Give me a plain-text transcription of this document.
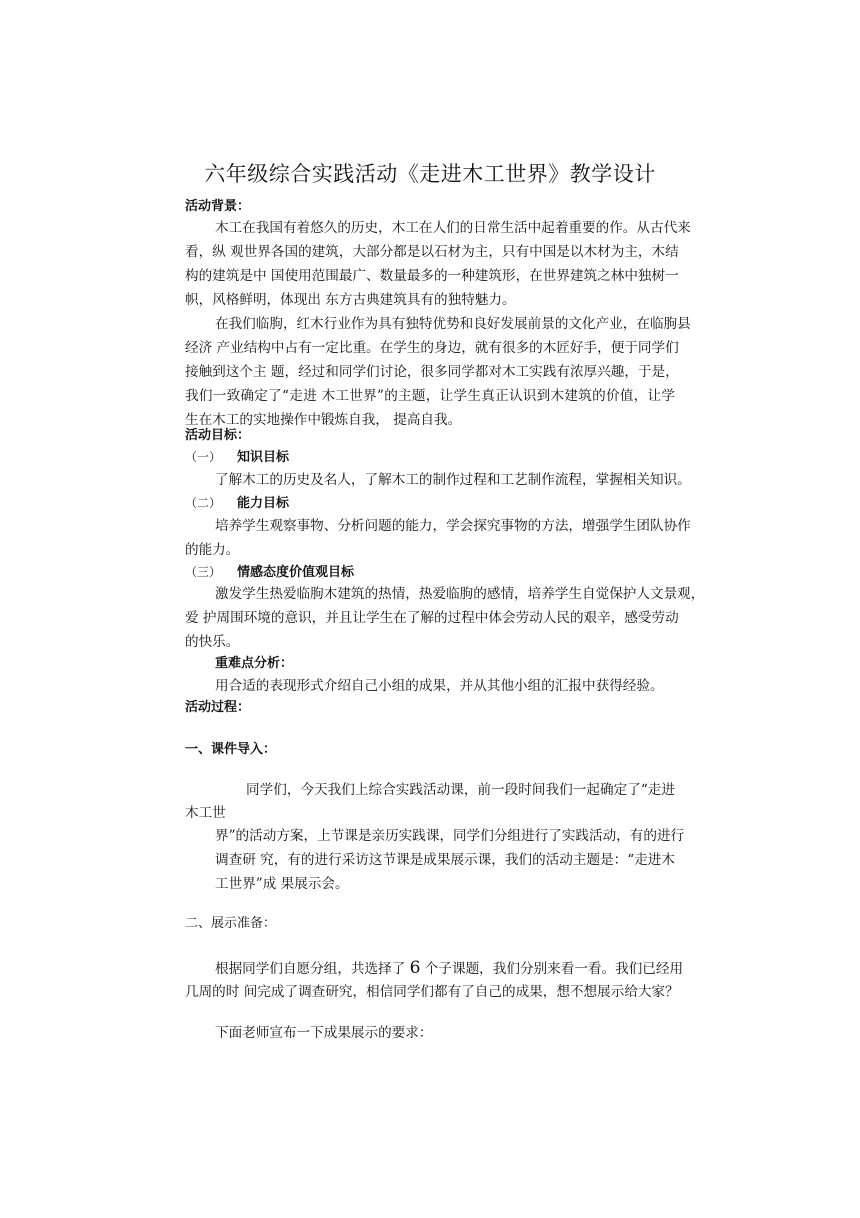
六年级综合实践活动《走进木工世界》教学设计

活动背景：

木工在我国有着悠久的历史，木工在人们的日常生活中起着重要的作。从古代来

看，纵 观世界各国的建筑，大部分都是以石材为主，只有中国是以木材为主，木结

构的建筑是中 国使用范围最广、数量最多的一种建筑形，在世界建筑之林中独树一

帜，风格鲜明，体现出 东方古典建筑具有的独特魅力。

在我们临朐，红木行业作为具有独特优势和良好发展前景的文化产业，在临朐县

经济 产业结构中占有一定比重。在学生的身边，就有很多的木匠好手，便于同学们

接触到这个主 题，经过和同学们讨论，很多同学都对木工实践有浓厚兴趣，于是，

我们一致确定了“走进 木工世界”的主题，让学生真正认识到木建筑的价值，让学

生在木工的实地操作中锻炼自我， 提高自我。

活动目标：

（一） 知识目标

了解木工的历史及名人，了解木工的制作过程和工艺制作流程，掌握相关知识。

（二） 能力目标

培养学生观察事物、分析问题的能力，学会探究事物的方法，增强学生团队协作

的能力。

（三） 情感态度价值观目标

激发学生热爱临朐木建筑的热情，热爱临朐的感情，培养学生自觉保护人文景观，

爱 护周围环境的意识，并且让学生在了解的过程中体会劳动人民的艰辛，感受劳动

的快乐。

重难点分析：

用合适的表现形式介绍自己小组的成果，并从其他小组的汇报中获得经验。

活动过程：

一、课件导入：

同学们，今天我们上综合实践活动课，前一段时间我们一起确定了“走进

木工世

界”的活动方案，上节课是亲历实践课，同学们分组进行了实践活动，有的进行

调查研 究，有的进行采访这节课是成果展示课，我们的活动主题是：“走进木

工世界”成 果展示会。

二、展示准备：

根据同学们自愿分组，共选择了 6 个子课题，我们分别来看一看。我们已经用

几周的时 间完成了调查研究，相信同学们都有了自己的成果，想不想展示给大家？

下面老师宣布一下成果展示的要求：
